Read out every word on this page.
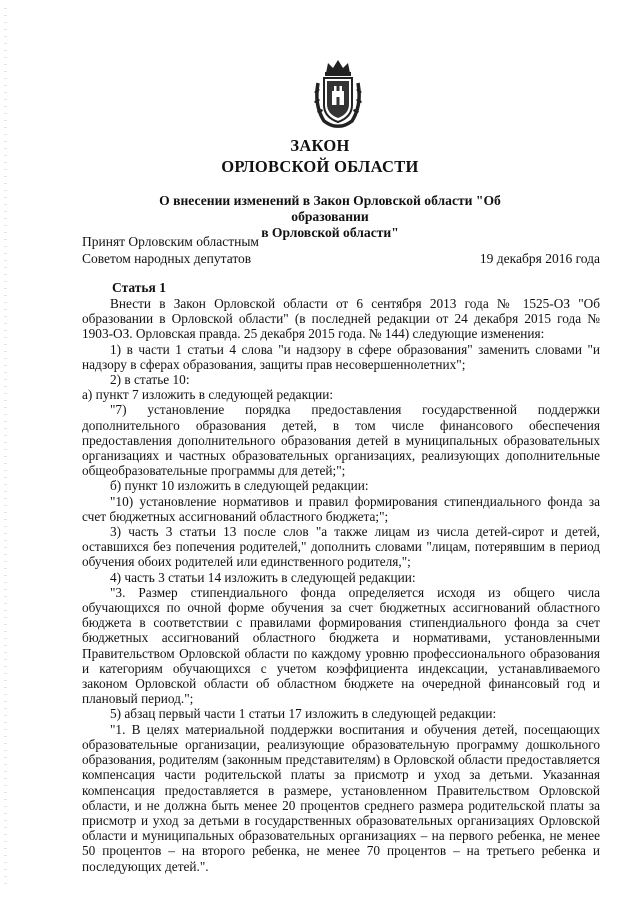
ЗАКОН
ОРЛОВСКОЙ ОБЛАСТИ
О внесении изменений в Закон Орловской области "Об образовании
в Орловской области"
Принят Орловским областным
Советом народных депутатов	19 декабря 2016 года
Статья 1

Внести в Закон Орловской области от 6 сентября 2013 года № 1525-ОЗ "Об образовании в Орловской области" (в последней редакции от 24 декабря 2015 года № 1903-ОЗ. Орловская правда. 25 декабря 2015 года. № 144) следующие изменения:

1) в части 1 статьи 4 слова "и надзору в сфере образования" заменить словами "и надзору в сферах образования, защиты прав несовершеннолетних";

2) в статье 10:

а) пункт 7 изложить в следующей редакции:

"7) установление порядка предоставления государственной поддержки дополнительного образования детей, в том числе финансового обеспечения предоставления дополнительного образования детей в муниципальных образовательных организациях и частных образовательных организациях, реализующих дополнительные общеобразовательные программы для детей;";

б) пункт 10 изложить в следующей редакции:

"10) установление нормативов и правил формирования стипендиального фонда за счет бюджетных ассигнований областного бюджета;";

3) часть 3 статьи 13 после слов "а также лицам из числа детей-сирот и детей, оставшихся без попечения родителей," дополнить словами "лицам, потерявшим в период обучения обоих родителей или единственного родителя,";

4) часть 3 статьи 14 изложить в следующей редакции:

"3. Размер стипендиального фонда определяется исходя из общего числа обучающихся по очной форме обучения за счет бюджетных ассигнований областного бюджета в соответствии с правилами формирования стипендиального фонда за счет бюджетных ассигнований областного бюджета и нормативами, установленными Правительством Орловской области по каждому уровню профессионального образования и категориям обучающихся с учетом коэффициента индексации, устанавливаемого законом Орловской области об областном бюджете на очередной финансовый год и плановый период.";

5) абзац первый части 1 статьи 17 изложить в следующей редакции:

"1. В целях материальной поддержки воспитания и обучения детей, посещающих образовательные организации, реализующие образовательную программу дошкольного образования, родителям (законным представителям) в Орловской области предоставляется компенсация части родительской платы за присмотр и уход за детьми. Указанная компенсация предоставляется в размере, установленном Правительством Орловской области, и не должна быть менее 20 процентов среднего размера родительской платы за присмотр и уход за детьми в государственных образовательных организациях Орловской области и муниципальных образовательных организациях – на первого ребенка, не менее 50 процентов – на второго ребенка, не менее 70 процентов – на третьего ребенка и последующих детей.".
